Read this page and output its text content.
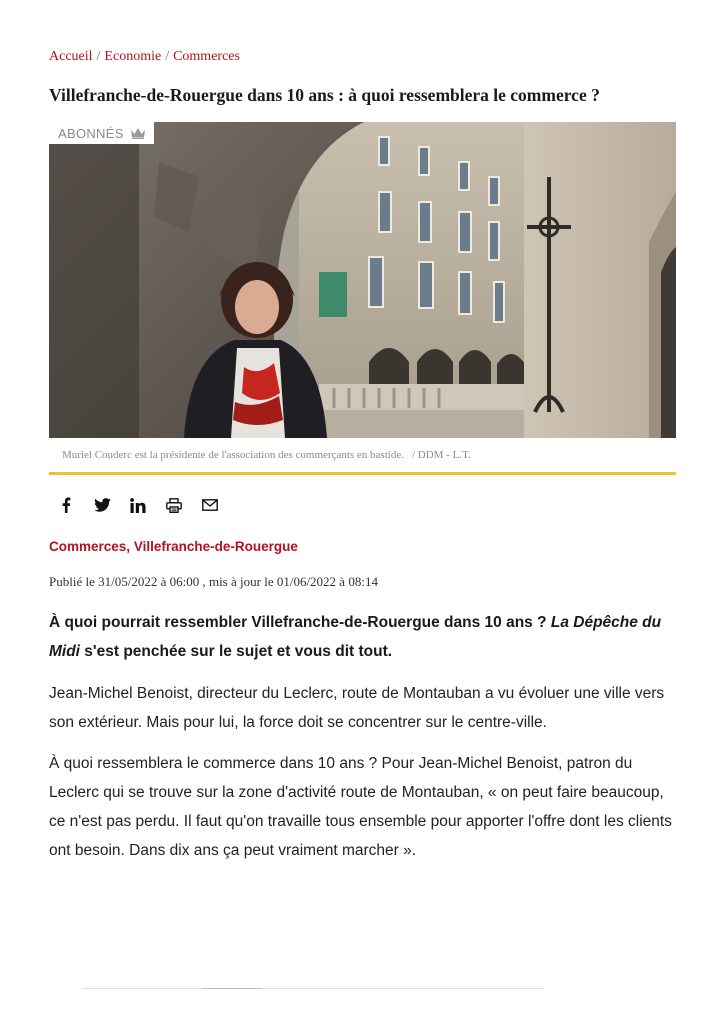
Accueil / Economie / Commerces
Villefranche-de-Rouergue dans 10 ans : à quoi ressemblera le commerce ?
ABONNÉS
Muriel Couderc est la présidente de l'association des commerçants en bastide. / DDM - L.T.
Commerces, Villefranche-de-Rouergue
Publié le 31/05/2022 à 06:00 , mis à jour le 01/06/2022 à 08:14

À quoi pourrait ressembler Villefranche-de-Rouergue dans 10 ans ? La Dépêche du Midi s'est penchée sur le sujet et vous dit tout.

Jean-Michel Benoist, directeur du Leclerc, route de Montauban a vu évoluer une ville vers son extérieur. Mais pour lui, la force doit se concentrer sur le centre-ville.

À quoi ressemblera le commerce dans 10 ans ? Pour Jean-Michel Benoist, patron du Leclerc qui se trouve sur la zone d'activité route de Montauban, « on peut faire beaucoup, ce n'est pas perdu. Il faut qu'on travaille tous ensemble pour apporter l'offre dont les clients ont besoin. Dans dix ans ça peut vraiment marcher ».
